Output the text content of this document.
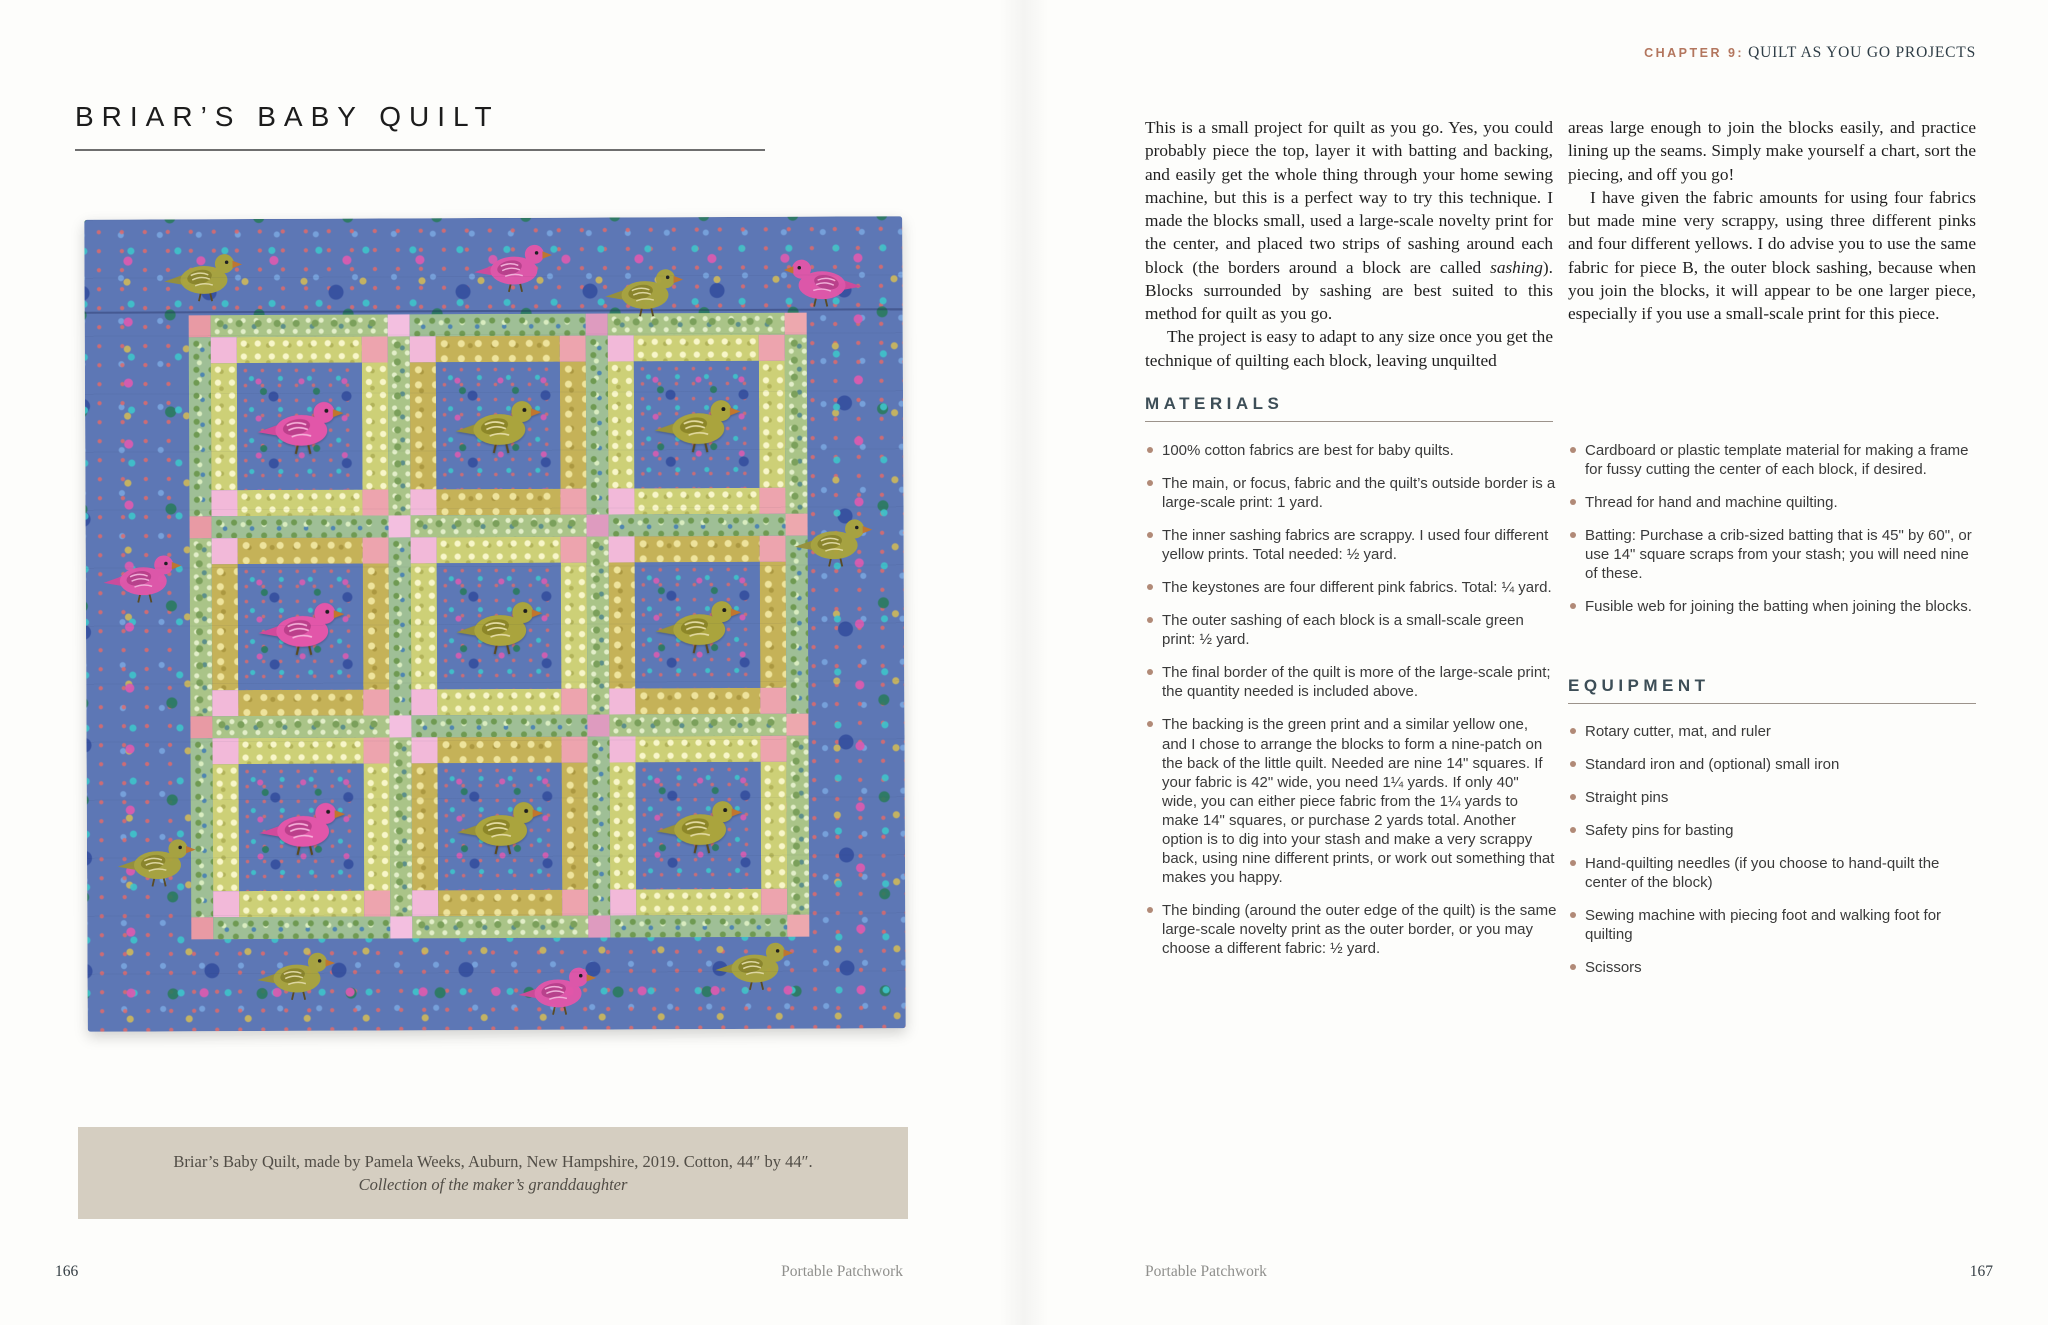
BRIAR’S BABY QUILT
Briar’s Baby Quilt, made by Pamela Weeks, Auburn, New Hampshire, 2019. Cotton, 44″ by 44″.
Collection of the maker’s granddaughter
166	Portable Patchwork
CHAPTER 9: QUILT AS YOU GO PROJECTS

This is a small project for quilt as you go. Yes, you could probably piece the top, layer it with batting and backing, and easily get the whole thing through your home sewing machine, but this is a perfect way to try this technique. I made the blocks small, used a large-scale novelty print for the center, and placed two strips of sashing around each block (the borders around a block are called sashing). Blocks surrounded by sashing are best suited to this method for quilt as you go.

The project is easy to adapt to any size once you get the technique of quilting each block, leaving unquilted

areas large enough to join the blocks easily, and practice lining up the seams. Simply make yourself a chart, sort the piecing, and off you go!

I have given the fabric amounts for using four fabrics but made mine very scrappy, using three different pinks and four different yellows. I do advise you to use the same fabric for piece B, the outer block sashing, because when you join the blocks, it will appear to be one larger piece, especially if you use a small-scale print for this piece.

MATERIALS
100% cotton fabrics are best for baby quilts.
The main, or focus, fabric and the quilt’s outside border is a large-scale print: 1 yard.
The inner sashing fabrics are scrappy. I used four different yellow prints. Total needed: ½ yard.
The keystones are four different pink fabrics. Total: ¼ yard.
The outer sashing of each block is a small-scale green print: ½ yard.
The final border of the quilt is more of the large-scale print; the quantity needed is included above.
The backing is the green print and a similar yellow one, and I chose to arrange the blocks to form a nine-patch on the back of the little quilt. Needed are nine 14" squares. If your fabric is 42" wide, you need 1¼ yards. If only 40" wide, you can either piece fabric from the 1¼ yards to make 14" squares, or purchase 2 yards total. Another option is to dig into your stash and make a very scrappy back, using nine different prints, or work out something that makes you happy.
The binding (around the outer edge of the quilt) is the same large-scale novelty print as the outer border, or you may choose a different fabric: ½ yard.
Cardboard or plastic template material for making a frame for fussy cutting the center of each block, if desired.
Thread for hand and machine quilting.
Batting: Purchase a crib-sized batting that is 45" by 60", or use 14" square scraps from your stash; you will need nine of these.
Fusible web for joining the batting when joining the blocks.
EQUIPMENT
Rotary cutter, mat, and ruler
Standard iron and (optional) small iron
Straight pins
Safety pins for basting
Hand-quilting needles (if you choose to hand-quilt the center of the block)
Sewing machine with piecing foot and walking foot for quilting
Scissors
Portable Patchwork	167
